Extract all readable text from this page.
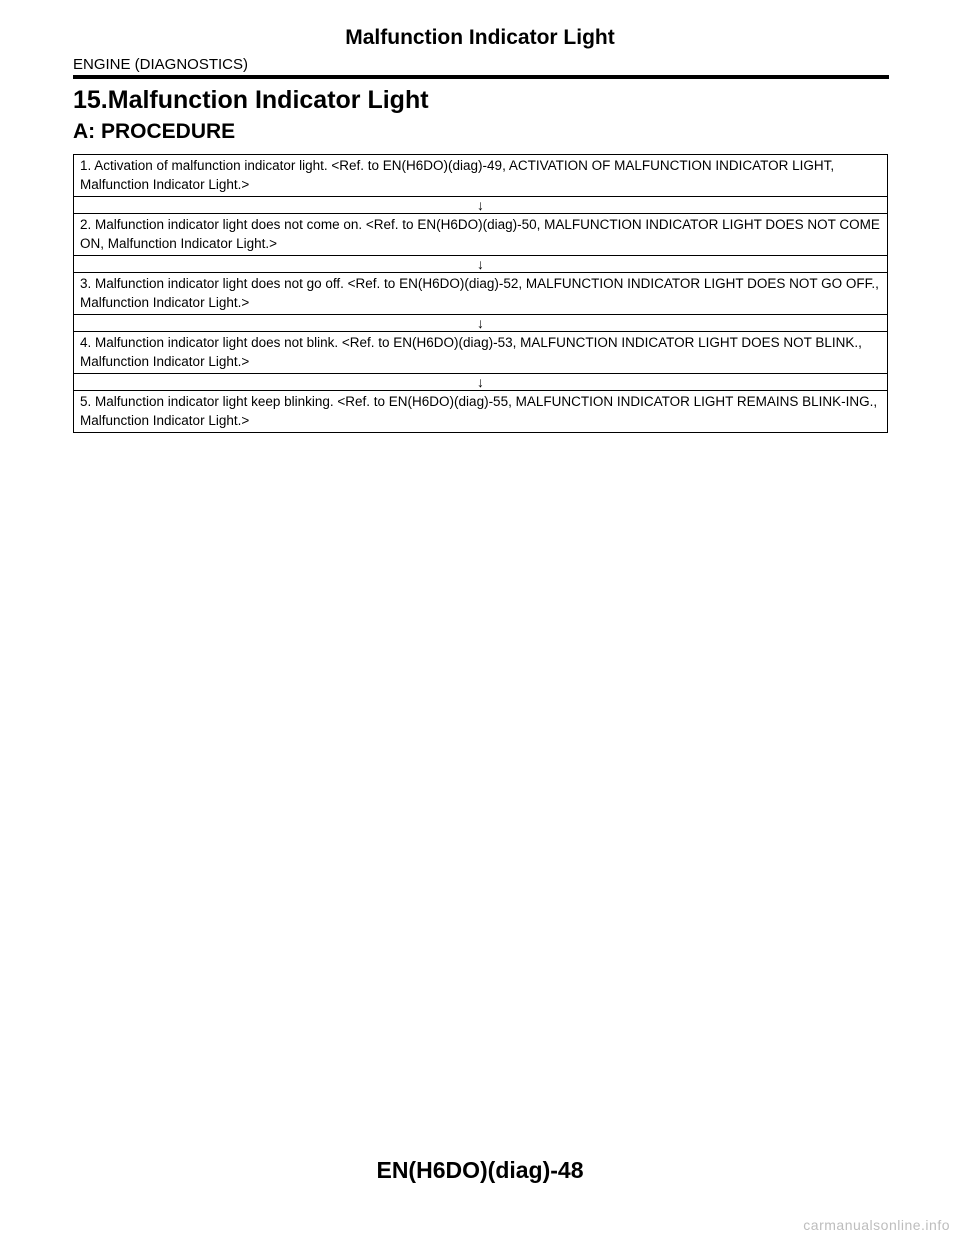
Malfunction Indicator Light
ENGINE (DIAGNOSTICS)
15.Malfunction Indicator Light
A: PROCEDURE
1. Activation of malfunction indicator light. <Ref. to EN(H6DO)(diag)-49, ACTIVATION OF MALFUNCTION INDICATOR LIGHT, Malfunction Indicator Light.>
↓
2. Malfunction indicator light does not come on. <Ref. to EN(H6DO)(diag)-50, MALFUNCTION INDICATOR LIGHT DOES NOT COME ON, Malfunction Indicator Light.>
↓
3. Malfunction indicator light does not go off. <Ref. to EN(H6DO)(diag)-52, MALFUNCTION INDICATOR LIGHT DOES NOT GO OFF., Malfunction Indicator Light.>
↓
4. Malfunction indicator light does not blink. <Ref. to EN(H6DO)(diag)-53, MALFUNCTION INDICATOR LIGHT DOES NOT BLINK., Malfunction Indicator Light.>
↓
5. Malfunction indicator light keep blinking. <Ref. to EN(H6DO)(diag)-55, MALFUNCTION INDICATOR LIGHT REMAINS BLINK-ING., Malfunction Indicator Light.>
EN(H6DO)(diag)-48
carmanualsonline.info
